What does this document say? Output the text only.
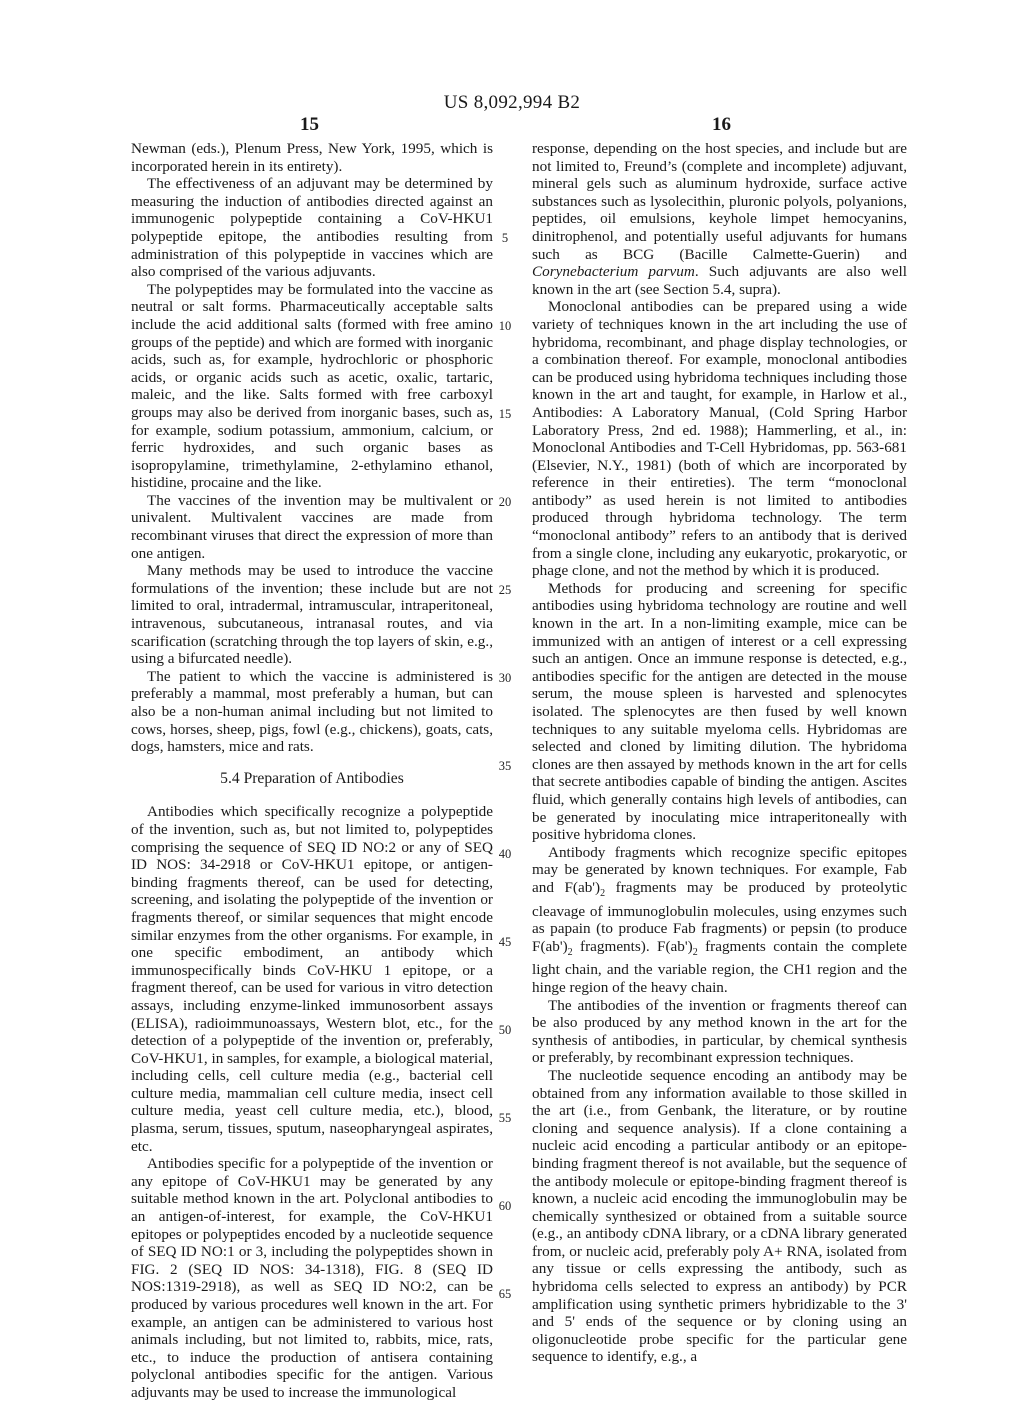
US 8,092,994 B2
15	16

Newman (eds.), Plenum Press, New York, 1995, which is incorporated herein in its entirety).

The effectiveness of an adjuvant may be determined by measuring the induction of antibodies directed against an immunogenic polypeptide containing a CoV-HKU1 polypeptide epitope, the antibodies resulting from administration of this polypeptide in vaccines which are also comprised of the various adjuvants.

The polypeptides may be formulated into the vaccine as neutral or salt forms. Pharmaceutically acceptable salts include the acid additional salts (formed with free amino groups of the peptide) and which are formed with inorganic acids, such as, for example, hydrochloric or phosphoric acids, or organic acids such as acetic, oxalic, tartaric, maleic, and the like. Salts formed with free carboxyl groups may also be derived from inorganic bases, such as, for example, sodium potassium, ammonium, calcium, or ferric hydroxides, and such organic bases as isopropylamine, trimethylamine, 2-ethylamino ethanol, histidine, procaine and the like.

The vaccines of the invention may be multivalent or univalent. Multivalent vaccines are made from recombinant viruses that direct the expression of more than one antigen.

Many methods may be used to introduce the vaccine formulations of the invention; these include but are not limited to oral, intradermal, intramuscular, intraperitoneal, intravenous, subcutaneous, intranasal routes, and via scarification (scratching through the top layers of skin, e.g., using a bifurcated needle).

The patient to which the vaccine is administered is preferably a mammal, most preferably a human, but can also be a non-human animal including but not limited to cows, horses, sheep, pigs, fowl (e.g., chickens), goats, cats, dogs, hamsters, mice and rats.

5.4 Preparation of Antibodies

Antibodies which specifically recognize a polypeptide of the invention, such as, but not limited to, polypeptides comprising the sequence of SEQ ID NO:2 or any of SEQ ID NOS: 34-2918 or CoV-HKU1 epitope, or antigen-binding fragments thereof, can be used for detecting, screening, and isolating the polypeptide of the invention or fragments thereof, or similar sequences that might encode similar enzymes from the other organisms. For example, in one specific embodiment, an antibody which immunospecifically binds CoV-HKU 1 epitope, or a fragment thereof, can be used for various in vitro detection assays, including enzyme-linked immunosorbent assays (ELISA), radioimmunoassays, Western blot, etc., for the detection of a polypeptide of the invention or, preferably, CoV-HKU1, in samples, for example, a biological material, including cells, cell culture media (e.g., bacterial cell culture media, mammalian cell culture media, insect cell culture media, yeast cell culture media, etc.), blood, plasma, serum, tissues, sputum, naseopharyngeal aspirates, etc.

Antibodies specific for a polypeptide of the invention or any epitope of CoV-HKU1 may be generated by any suitable method known in the art. Polyclonal antibodies to an antigen-of-interest, for example, the CoV-HKU1 epitopes or polypeptides encoded by a nucleotide sequence of SEQ ID NO:1 or 3, including the polypeptides shown in FIG. 2 (SEQ ID NOS: 34-1318), FIG. 8 (SEQ ID NOS:1319-2918), as well as SEQ ID NO:2, can be produced by various procedures well known in the art. For example, an antigen can be administered to various host animals including, but not limited to, rabbits, mice, rats, etc., to induce the production of antisera containing polyclonal antibodies specific for the antigen. Various adjuvants may be used to increase the immunological

5
10
15
20
25
30
35
40
45
50
55
60
65

response, depending on the host species, and include but are not limited to, Freund’s (complete and incomplete) adjuvant, mineral gels such as aluminum hydroxide, surface active substances such as lysolecithin, pluronic polyols, polyanions, peptides, oil emulsions, keyhole limpet hemocyanins, dinitrophenol, and potentially useful adjuvants for humans such as BCG (Bacille Calmette-Guerin) and Corynebacterium parvum. Such adjuvants are also well known in the art (see Section 5.4, supra).

Monoclonal antibodies can be prepared using a wide variety of techniques known in the art including the use of hybridoma, recombinant, and phage display technologies, or a combination thereof. For example, monoclonal antibodies can be produced using hybridoma techniques including those known in the art and taught, for example, in Harlow et al., Antibodies: A Laboratory Manual, (Cold Spring Harbor Laboratory Press, 2nd ed. 1988); Hammerling, et al., in: Monoclonal Antibodies and T-Cell Hybridomas, pp. 563-681 (Elsevier, N.Y., 1981) (both of which are incorporated by reference in their entireties). The term “monoclonal antibody” as used herein is not limited to antibodies produced through hybridoma technology. The term “monoclonal antibody” refers to an antibody that is derived from a single clone, including any eukaryotic, prokaryotic, or phage clone, and not the method by which it is produced.

Methods for producing and screening for specific antibodies using hybridoma technology are routine and well known in the art. In a non-limiting example, mice can be immunized with an antigen of interest or a cell expressing such an antigen. Once an immune response is detected, e.g., antibodies specific for the antigen are detected in the mouse serum, the mouse spleen is harvested and splenocytes isolated. The splenocytes are then fused by well known techniques to any suitable myeloma cells. Hybridomas are selected and cloned by limiting dilution. The hybridoma clones are then assayed by methods known in the art for cells that secrete antibodies capable of binding the antigen. Ascites fluid, which generally contains high levels of antibodies, can be generated by inoculating mice intraperitoneally with positive hybridoma clones.

Antibody fragments which recognize specific epitopes may be generated by known techniques. For example, Fab and $F(ab')_2$ fragments may be produced by proteolytic cleavage of immunoglobulin molecules, using enzymes such as papain (to produce Fab fragments) or pepsin (to produce $F(ab')_2$ fragments). $F(ab')_2$ fragments contain the complete light chain, and the variable region, the CH1 region and the hinge region of the heavy chain.

The antibodies of the invention or fragments thereof can be also produced by any method known in the art for the synthesis of antibodies, in particular, by chemical synthesis or preferably, by recombinant expression techniques.

The nucleotide sequence encoding an antibody may be obtained from any information available to those skilled in the art (i.e., from Genbank, the literature, or by routine cloning and sequence analysis). If a clone containing a nucleic acid encoding a particular antibody or an epitope-binding fragment thereof is not available, but the sequence of the antibody molecule or epitope-binding fragment thereof is known, a nucleic acid encoding the immunoglobulin may be chemically synthesized or obtained from a suitable source (e.g., an antibody cDNA library, or a cDNA library generated from, or nucleic acid, preferably poly A+ RNA, isolated from any tissue or cells expressing the antibody, such as hybridoma cells selected to express an antibody) by PCR amplification using synthetic primers hybridizable to the 3' and 5' ends of the sequence or by cloning using an oligonucleotide probe specific for the particular gene sequence to identify, e.g., a
